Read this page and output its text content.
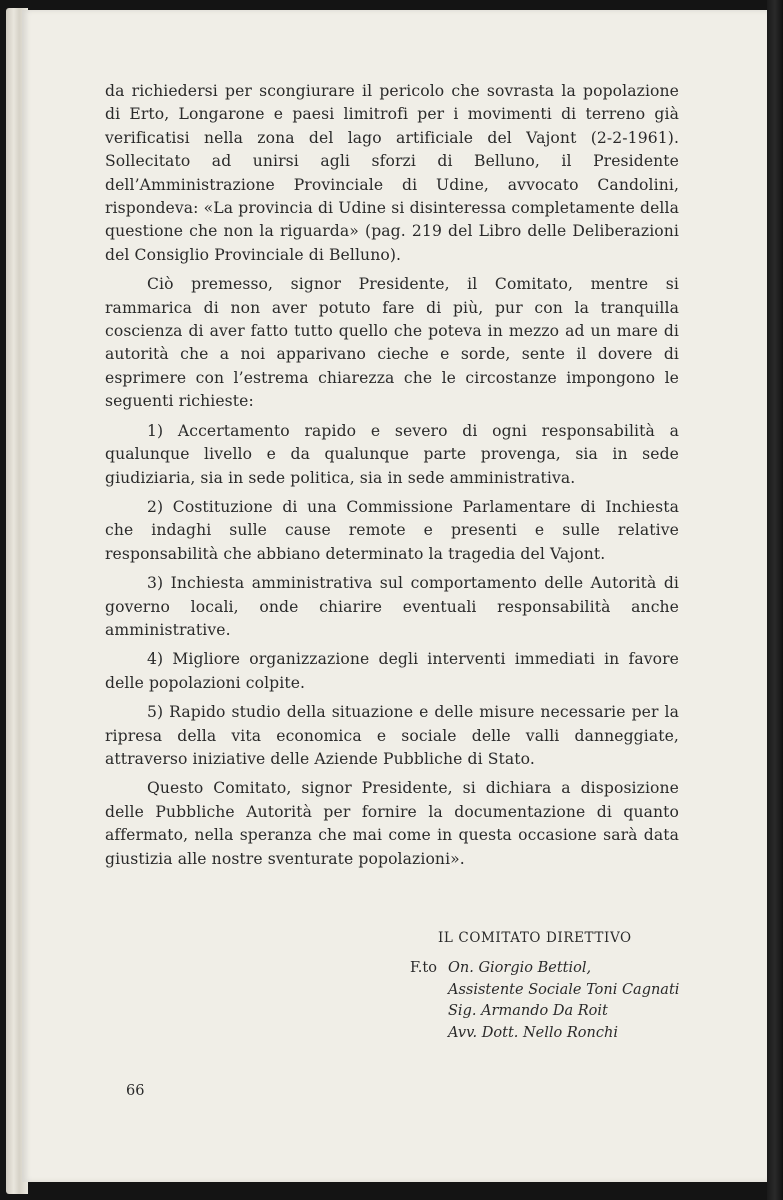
da richiedersi per scongiurare il pericolo che sovrasta la popolazione di Erto, Longarone e paesi limitrofi per i movimenti di terreno già verificatisi nella zona del lago artificiale del Vajont (2-2-1961). Sollecitato ad unirsi agli sforzi di Belluno, il Presidente dell’Amministrazione Provinciale di Udine, avvocato Candolini, rispondeva: «La provincia di Udine si disinteressa completamente della questione che non la riguarda» (pag. 219 del Libro delle Deliberazioni del Consiglio Provinciale di Belluno).

Ciò premesso, signor Presidente, il Comitato, mentre si rammarica di non aver potuto fare di più, pur con la tranquilla coscienza di aver fatto tutto quello che poteva in mezzo ad un mare di autorità che a noi apparivano cieche e sorde, sente il dovere di esprimere con l’estrema chiarezza che le circostanze impongono le seguenti richieste:

1) Accertamento rapido e severo di ogni responsabilità a qualunque livello e da qualunque parte provenga, sia in sede giudiziaria, sia in sede politica, sia in sede amministrativa.

2) Costituzione di una Commissione Parlamentare di Inchiesta che indaghi sulle cause remote e presenti e sulle relative responsabilità che abbiano determinato la tragedia del Vajont.

3) Inchiesta amministrativa sul comportamento delle Autorità di governo locali, onde chiarire eventuali responsabilità anche amministrative.

4) Migliore organizzazione degli interventi immediati in favore delle popolazioni colpite.

5) Rapido studio della situazione e delle misure necessarie per la ripresa della vita economica e sociale delle valli danneggiate, attraverso iniziative delle Aziende Pubbliche di Stato.

Questo Comitato, signor Presidente, si dichiara a disposizione delle Pubbliche Autorità per fornire la documentazione di quanto affermato, nella speranza che mai come in questa occasione sarà data giustizia alle nostre sventurate popolazioni».

IL COMITATO DIRETTIVO
F.to On. Giorgio Bettiol,
Assistente Sociale Toni Cagnati
Sig. Armando Da Roit
Avv. Dott. Nello Ronchi
66
